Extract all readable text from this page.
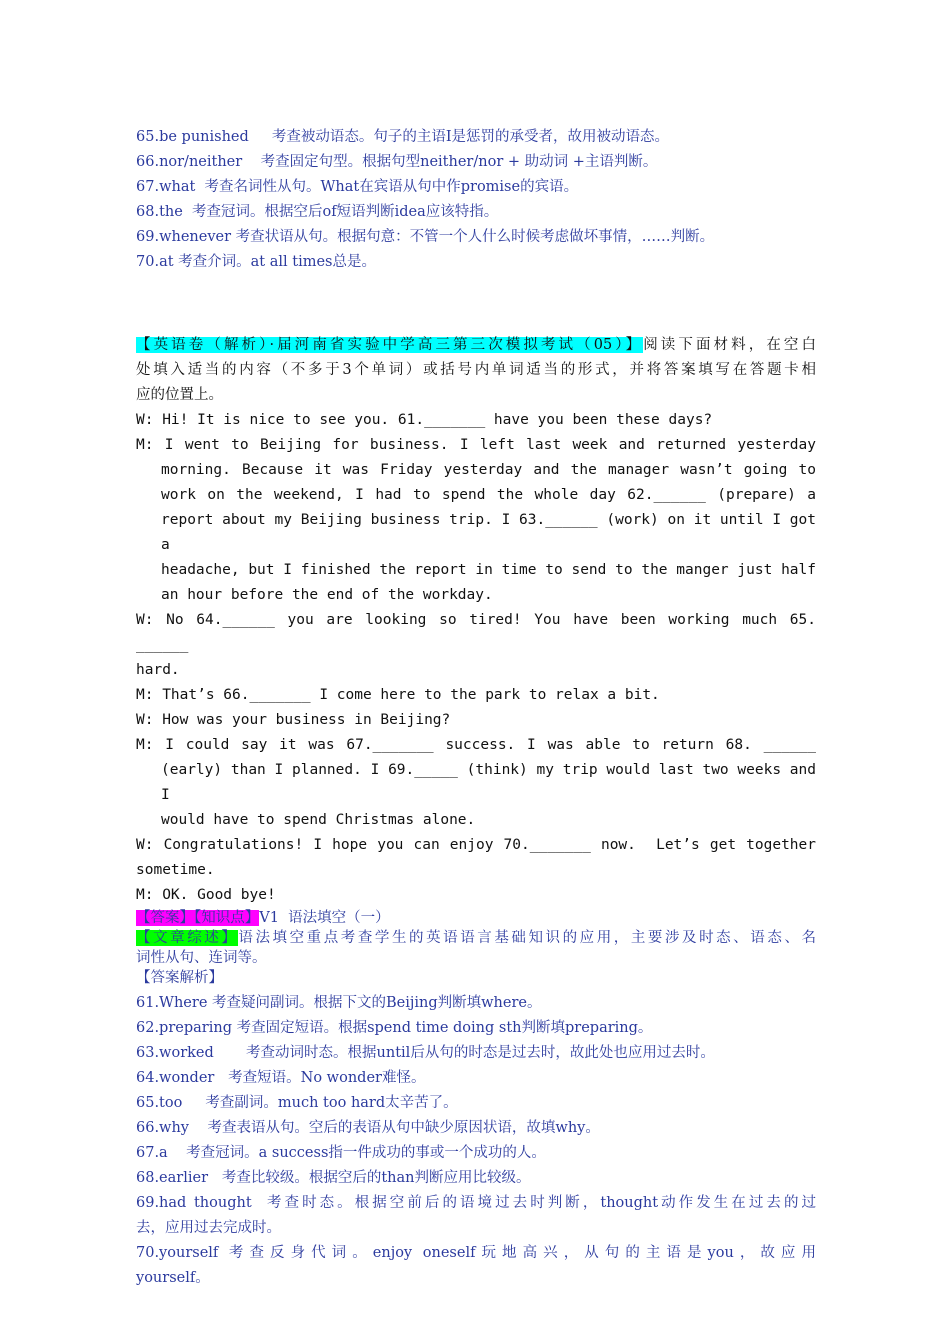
65.be punished 考查被动语态。句子的主语I是惩罚的承受者，故用被动语态。
66.nor/neither 考查固定句型。根据句型neither/nor + 助动词 +主语判断。
67.what 考查名词性从句。What在宾语从句中作promise的宾语。
68.the 考查冠词。根据空后of短语判断idea应该特指。
69.whenever 考查状语从句。根据句意：不管一个人什么时候考虑做坏事情，……判断。
70.at 考查介词。at all times总是。
【英语卷（解析）·届河南省实验中学高三第三次模拟考试（05）】阅读下面材料，在空白
处填入适当的内容（不多于3个单词）或括号内单词适当的形式，并将答案填写在答题卡相
应的位置上。
W: Hi! It is nice to see you. 61._______ have you been these days?
M: I went to Beijing for business. I left last week and returned yesterday
morning. Because it was Friday yesterday and the manager wasn’t going to
work on the weekend, I had to spend the whole day 62.______ (prepare) a
report about my Beijing business trip. I 63.______ (work) on it until I got a
headache, but I finished the report in time to send to the manger just half
an hour before the end of the workday.
W: No 64.______ you are looking so tired! You have been working much 65. ______
hard.
M: That’s 66._______ I come here to the park to relax a bit.
W: How was your business in Beijing?
M: I could say it was 67._______ success. I was able to return 68. ______
(early) than I planned. I 69._____ (think) my trip would last two weeks and I
would have to spend Christmas alone.
W: Congratulations! I hope you can enjoy 70._______ now.  Let’s get together
sometime.
M: OK. Good bye!
【答案】【知识点】V1  语法填空（一）
【文章综述】语法填空重点考查学生的英语语言基础知识的应用，主要涉及时态、语态、名
词性从句、连词等。
【答案解析】
61.Where 考查疑问副词。根据下文的Beijing判断填where。
62.preparing 考查固定短语。根据spend time doing sth判断填preparing。
63.worked       考查动词时态。根据until后从句的时态是过去时，故此处也应用过去时。
64.wonder   考查短语。No wonder难怪。
65.too     考查副词。much too hard太辛苦了。
66.why    考查表语从句。空后的表语从句中缺少原因状语，故填why。
67.a    考查冠词。a success指一件成功的事或一个成功的人。
68.earlier   考查比较级。根据空后的than判断应用比较级。
69.had thought  考查时态。根据空前后的语境过去时判断，thought动作发生在过去的过
去，应用过去完成时。
70.yourself 考查反身代词。enjoy oneself玩地高兴，从句的主语是you，故应用
yourself。
